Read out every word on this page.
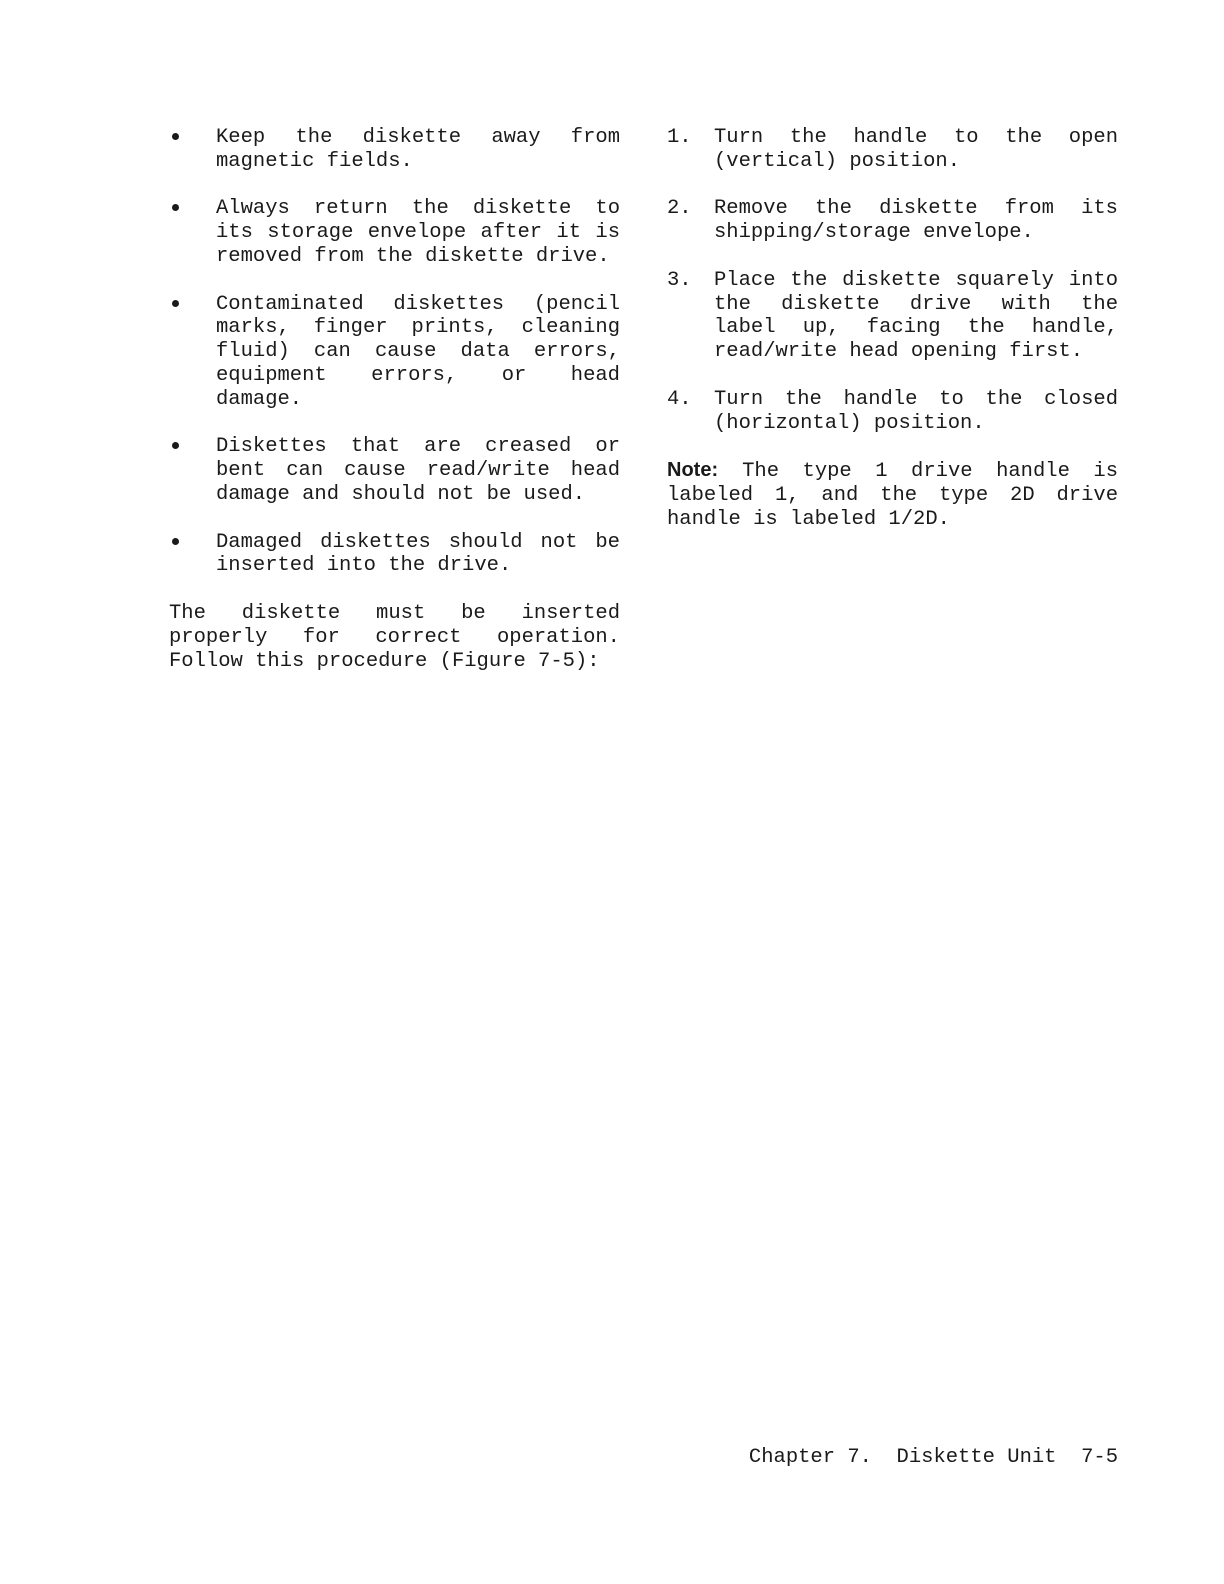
Keep the diskette away from magnetic fields.
Always return the diskette to its storage envelope after it is removed from the diskette drive.
Contaminated diskettes (pencil marks, finger prints, cleaning fluid) can cause data errors, equipment errors, or head damage.
Diskettes that are creased or bent can cause read/write head damage and should not be used.
Damaged diskettes should not be inserted into the drive.

The diskette must be inserted properly for correct operation. Follow this procedure (Figure 7-5):

1.	Turn the handle to the open (vertical) position.
2.	Remove the diskette from its shipping/storage envelope.
3.	Place the diskette squarely into the diskette drive with the label up, facing the handle, read/write head opening first.
4.	Turn the handle to the closed (horizontal) position.

Note: The type 1 drive handle is labeled 1, and the type 2D drive handle is labeled 1/2D.

Chapter 7.  Diskette Unit 7-5
